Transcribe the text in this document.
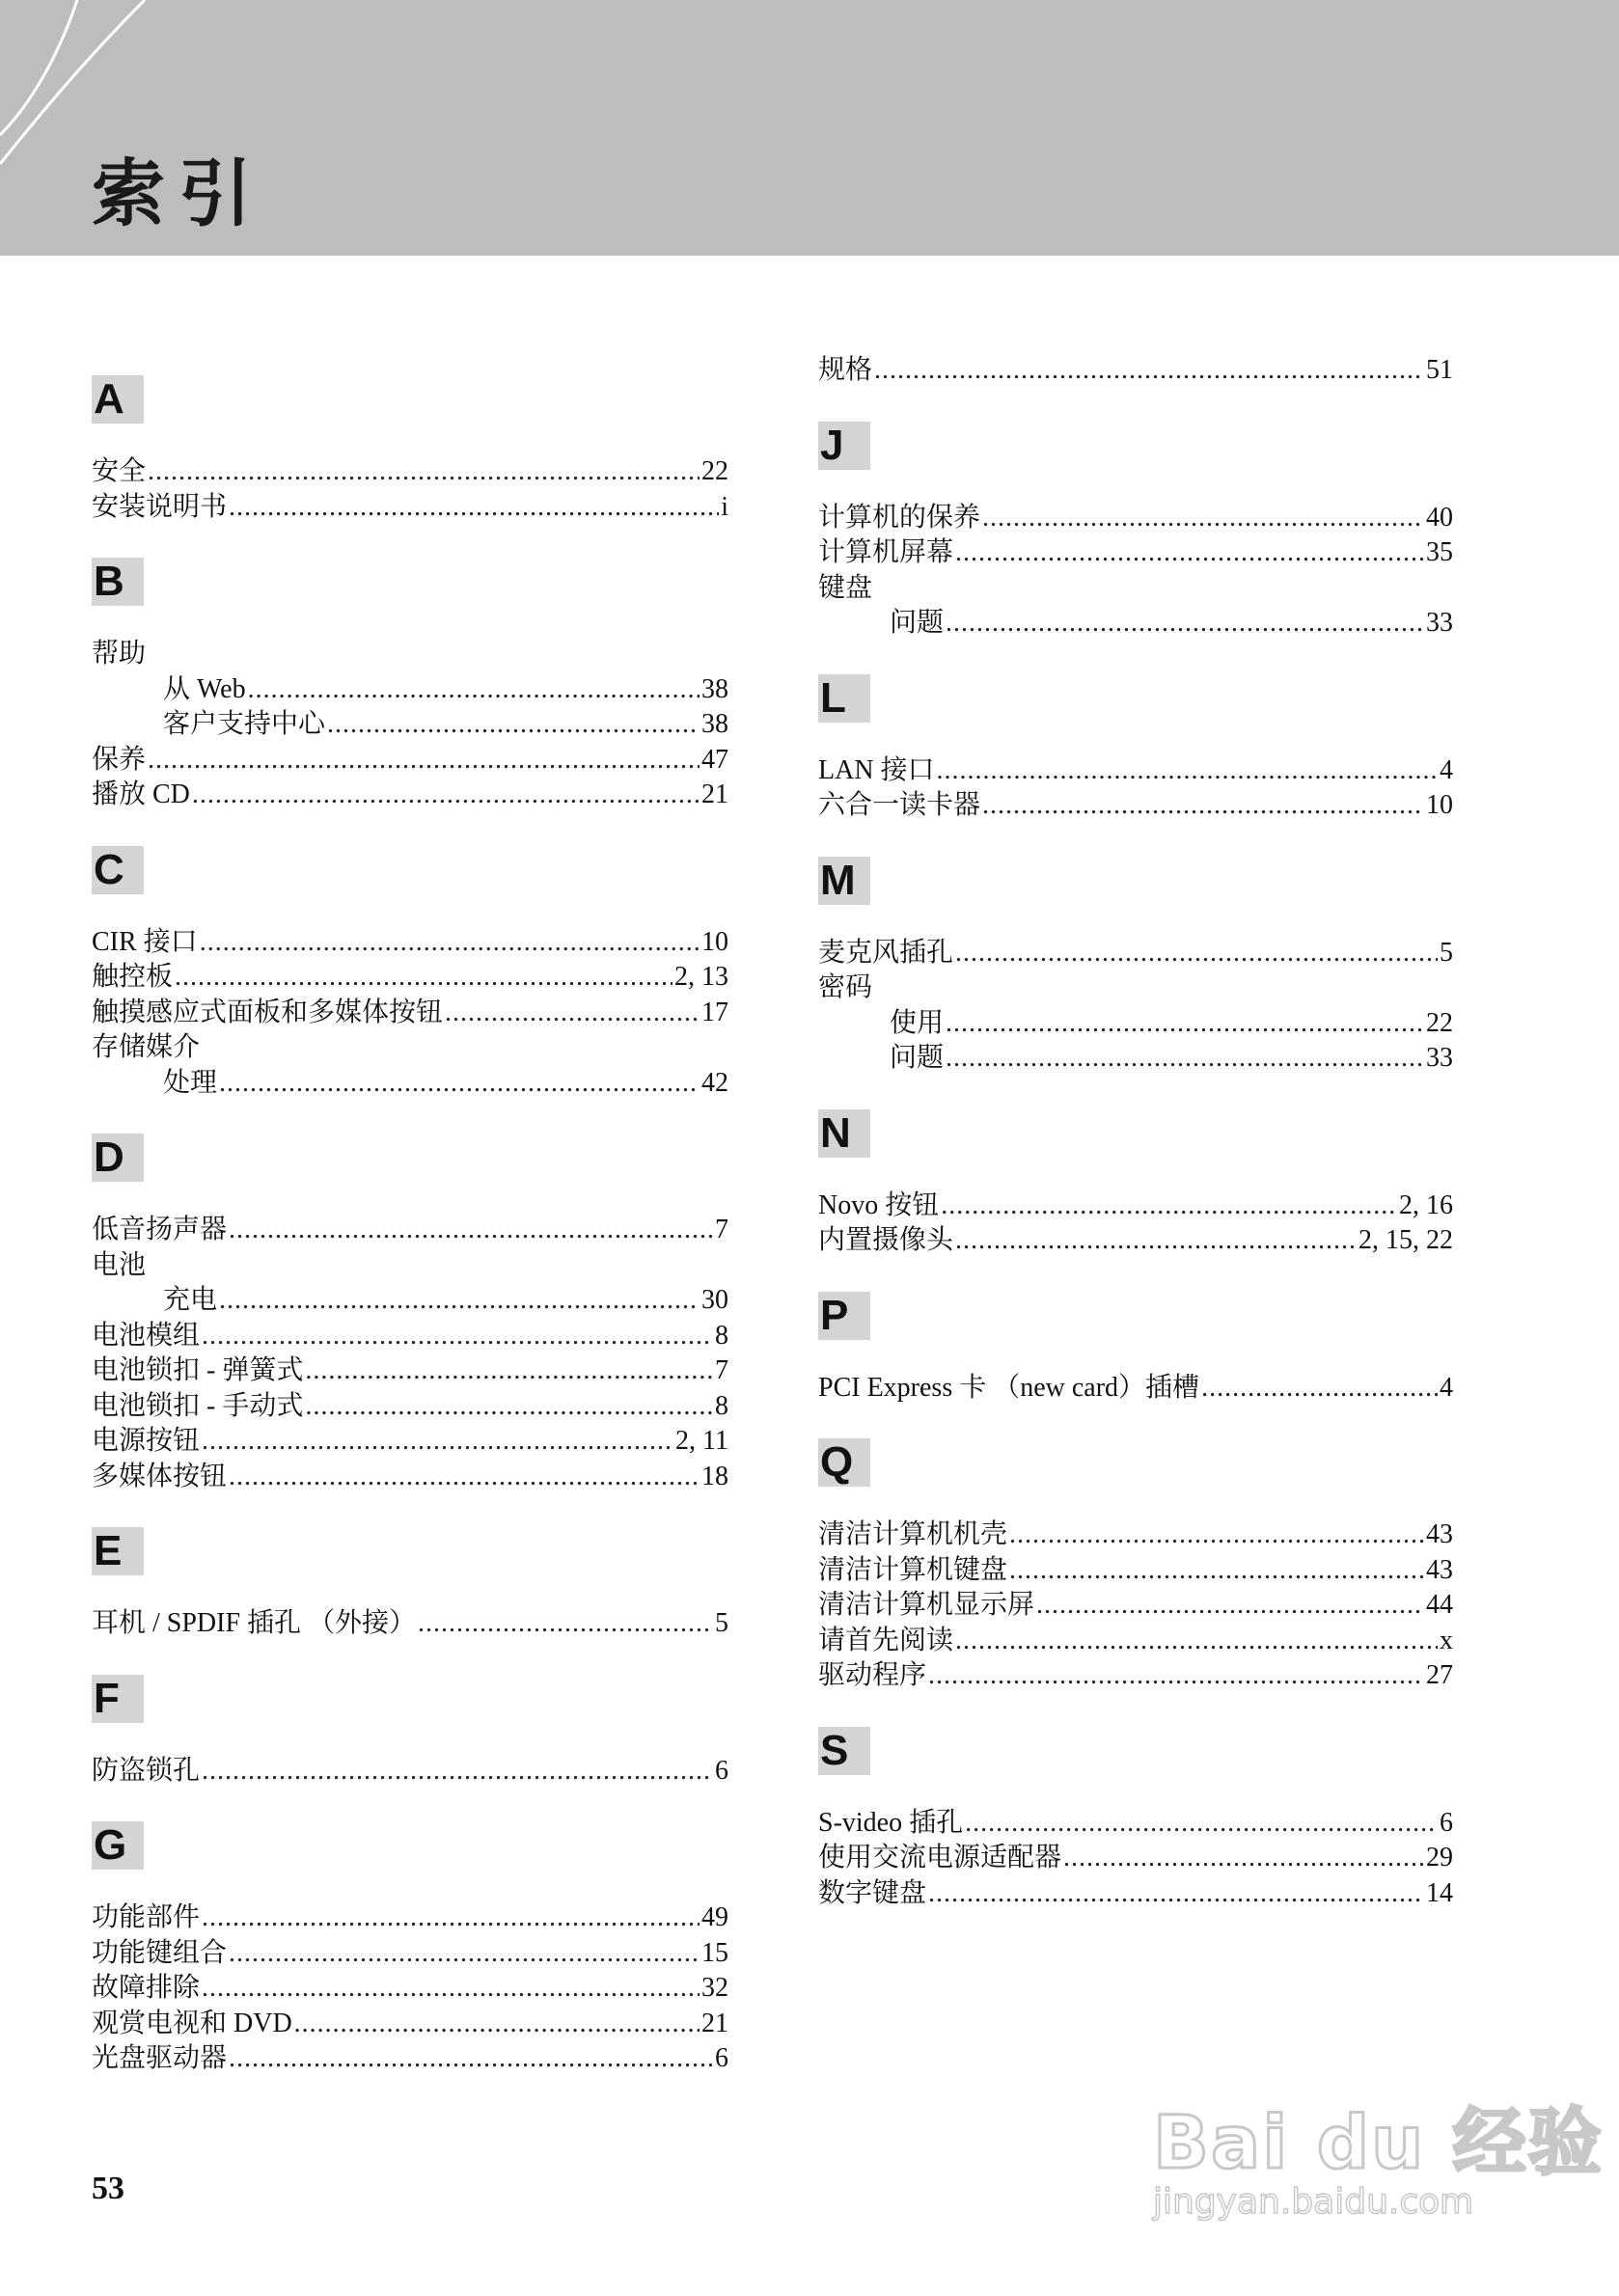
索引
A
安全 .....	22
安装说明书 .....	i
B
帮助
从 Web .....	38
客户支持中心 .....	38
保养 .....	47
播放 CD .....	21
C
CIR 接口 .....	10
触控板 .....	2, 13
触摸感应式面板和多媒体按钮 .....	17
存储媒介
处理 .....	42
D
低音扬声器 .....	7
电池
充电 .....	30
电池模组 .....	8
电池锁扣 - 弹簧式 .....	7
电池锁扣 - 手动式 .....	8
电源按钮 .....	2, 11
多媒体按钮 .....	18
E
耳机 / SPDIF 插孔 （外接） .....	5
F
防盗锁孔 .....	6
G
功能部件 .....	49
功能键组合 .....	15
故障排除 .....	32
观赏电视和 DVD .....	21
光盘驱动器 .....	6
规格 .....	51
J
计算机的保养 .....	40
计算机屏幕 .....	35
键盘
问题 .....	33
L
LAN 接口 .....	4
六合一读卡器 .....	10
M
麦克风插孔 .....	5
密码
使用 .....	22
问题 .....	33
N
Novo 按钮 .....	2, 16
内置摄像头 .....	2, 15, 22
P
PCI Express 卡 （new card）插槽 .....	4
Q
清洁计算机机壳 .....	43
清洁计算机键盘 .....	43
清洁计算机显示屏 .....	44
请首先阅读 .....	x
驱动程序 .....	27
S
S-video 插孔 .....	6
使用交流电源适配器 .....	29
数字键盘 .....	14
53
Bai du 经验
jingyan.baidu.com
